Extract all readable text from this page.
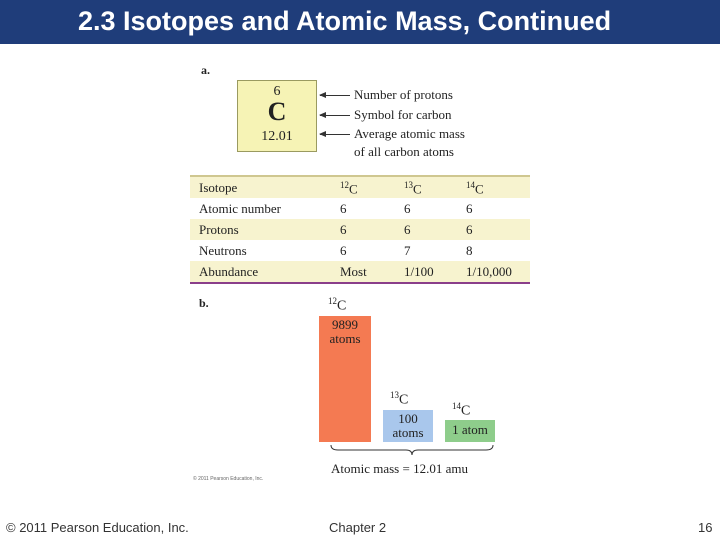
2.3 Isotopes and Atomic Mass, Continued
a.
6
C
12.01
Number of protons
Symbol for carbon
Average atomic mass
of all carbon atoms
Isotope	$^{12}$C	$^{13}$C	$^{14}$C
Atomic number	6	6	6
Protons	6	6	6
Neutrons	6	7	8
Abundance	Most	1/100 1/10,000
b.	$^{12}$C
$^{13}$C	$^{14}$C
9899
atoms
100
atoms	1 atom
Atomic mass = 12.01 amu
© 2011 Pearson Education, Inc.
© 2011 Pearson Education, Inc.	Chapter 2	16
